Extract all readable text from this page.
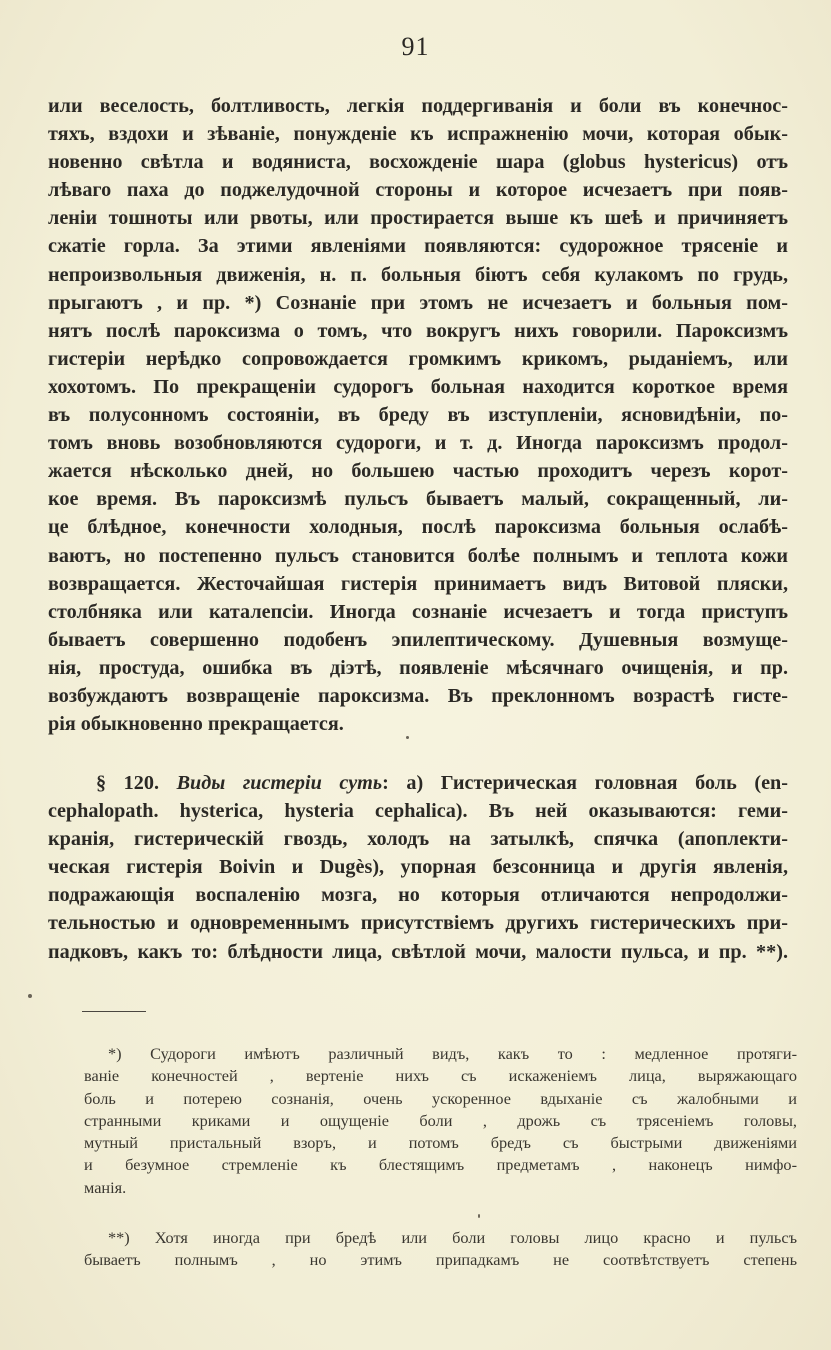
91
или веселость, болтливость, легкія поддергиванія и боли въ конечнос-
тяхъ, вздохи и зѣваніе, понужденіе къ испражненію мочи, которая обык-
новенно свѣтла и водяниста, восхожденіе шара (globus hystericus) отъ
лѣваго паха до поджелудочной стороны и которое исчезаетъ при появ-
леніи тошноты или рвоты, или простирается выше къ шеѣ и причиняетъ
сжатіе горла. За этими явленіями появляются: судорожное трясеніе и
непроизвольныя движенія, н. п. больныя біютъ себя кулакомъ по грудь,
прыгаютъ , и пр. *) Сознаніе при этомъ не исчезаетъ и больныя пом-
нятъ послѣ пароксизма о томъ, что вокругъ нихъ говорили. Пароксизмъ
гистеріи нерѣдко сопровождается громкимъ крикомъ, рыданіемъ, или
хохотомъ. По прекращеніи судорогъ больная находится короткое время
въ полусонномъ состояніи, въ бреду въ изступленіи, ясновидѣніи, по-
томъ вновь возобновляются судороги, и т. д. Иногда пароксизмъ продол-
жается нѣсколько дней, но большею частью проходитъ черезъ корот-
кое время. Въ пароксизмѣ пульсъ бываетъ малый, сокращенный, ли-
це блѣдное, конечности холодныя, послѣ пароксизма больныя ослабѣ-
ваютъ, но постепенно пульсъ становится болѣе полнымъ и теплота кожи
возвращается. Жесточайшая гистерія принимаетъ видъ Витовой пляски,
столбняка или каталепсіи. Иногда сознаніе исчезаетъ и тогда приступъ
бываетъ совершенно подобенъ эпилептическому. Душевныя возмуще-
нія, простуда, ошибка въ діэтѣ, появленіе мѣсячнаго очищенія, и пр.
возбуждаютъ возвращеніе пароксизма. Въ преклонномъ возрастѣ гисте-
рія обыкновенно прекращается.
§ 120. Виды гистеріи суть: a) Гистерическая головная боль (en-
cephalopath. hysterica, hysteria cephalica). Въ ней оказываются: геми-
кранія, гистерическій гвоздь, холодъ на затылкѣ, спячка (апоплекти-
ческая гистерія Boivin и Dugès), упорная безсонница и другія явленія,
подражающія воспаленію мозга, но которыя отличаются непродолжи-
тельностью и одновременнымъ присутствіемъ другихъ гистерическихъ при-
падковъ, какъ то: блѣдности лица, свѣтлой мочи, малости пульса, и пр. **).
*) Судороги имѣютъ различный видъ, какъ то : медленное протяги-
ваніе конечностей , вертеніе нихъ съ искаженіемъ лица, выряжающаго
боль и потерею сознанія, очень ускоренное вдыханіе съ жалобными и
странными криками и ощущеніе боли , дрожь съ трясеніемъ головы,
мутный пристальный взоръ, и потомъ бредъ съ быстрыми движеніями
и безумное стремленіе къ блестящимъ предметамъ , наконецъ нимфо-
манія.
**) Хотя иногда при бредѣ или боли головы лицо красно и пульсъ
бываетъ полнымъ , но этимъ припадкамъ не соотвѣтствуетъ степень
